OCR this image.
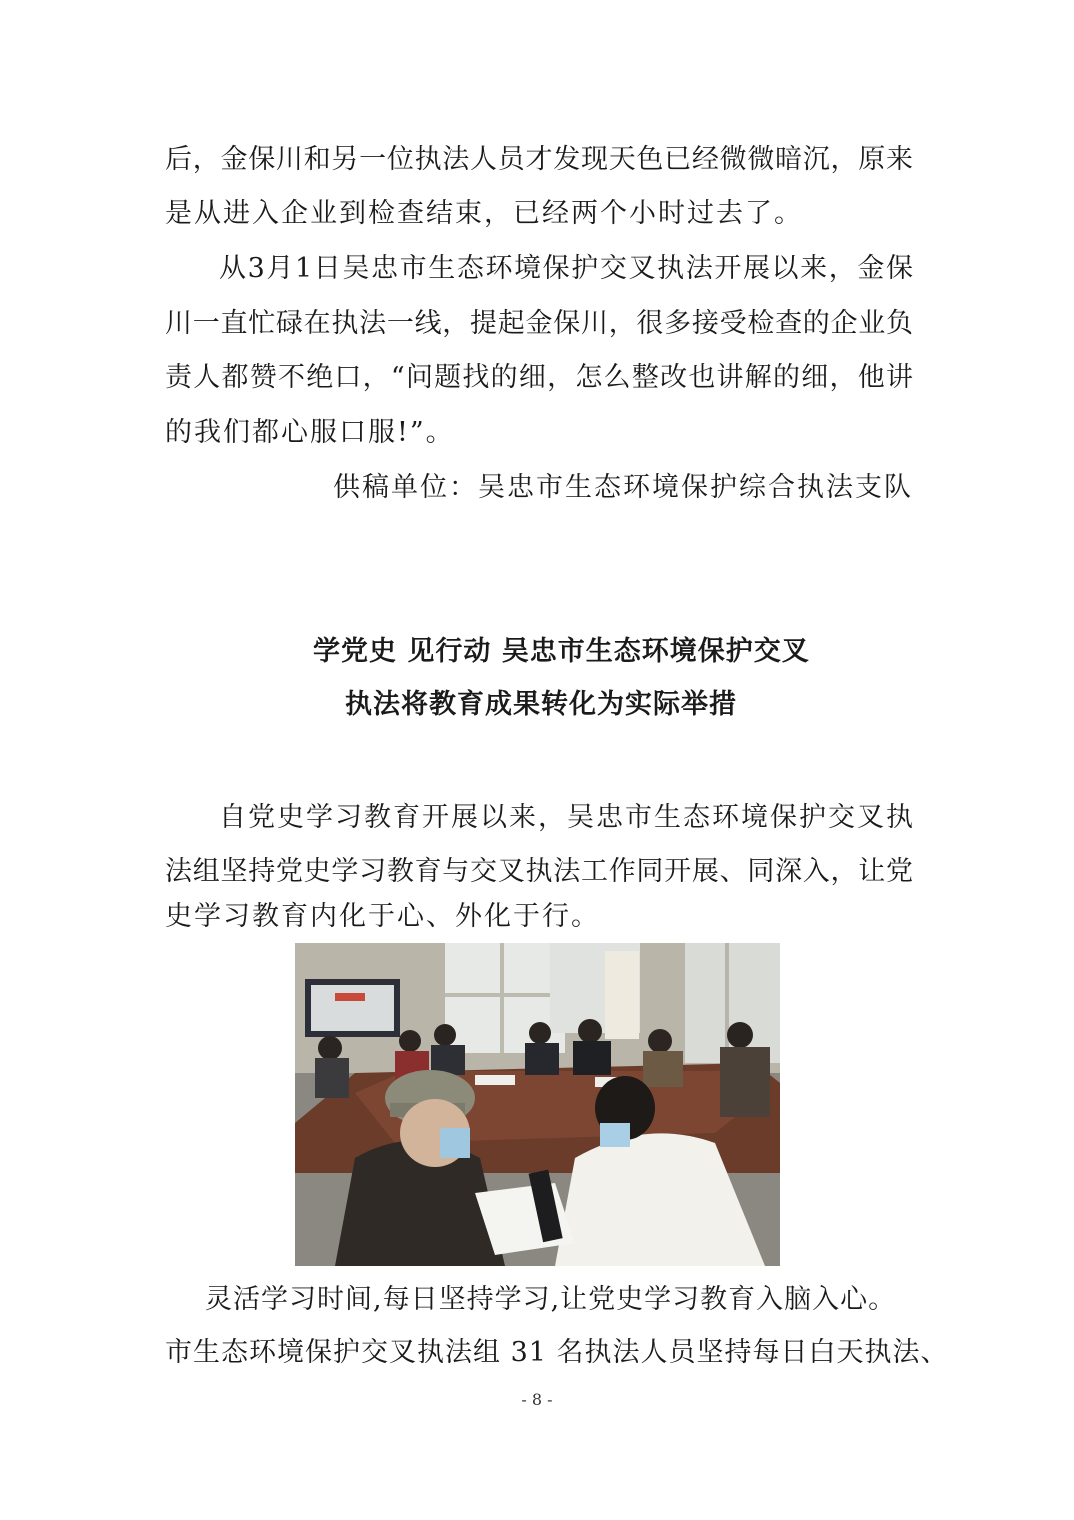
后，金保川和另一位执法人员才发现天色已经微微暗沉，原来
是从进入企业到检查结束，已经两个小时过去了。
从3月1日吴忠市生态环境保护交叉执法开展以来，金保
川一直忙碌在执法一线，提起金保川，很多接受检查的企业负
责人都赞不绝口，“问题找的细，怎么整改也讲解的细，他讲
的我们都心服口服!”。
供稿单位：吴忠市生态环境保护综合执法支队
学党史 见行动 吴忠市生态环境保护交叉
执法将教育成果转化为实际举措
自党史学习教育开展以来，吴忠市生态环境保护交叉执
法组坚持党史学习教育与交叉执法工作同开展、同深入，让党
史学习教育内化于心、外化于行。
灵活学习时间,每日坚持学习,让党史学习教育入脑入心。
市生态环境保护交叉执法组 31 名执法人员坚持每日白天执法、
- 8 -
